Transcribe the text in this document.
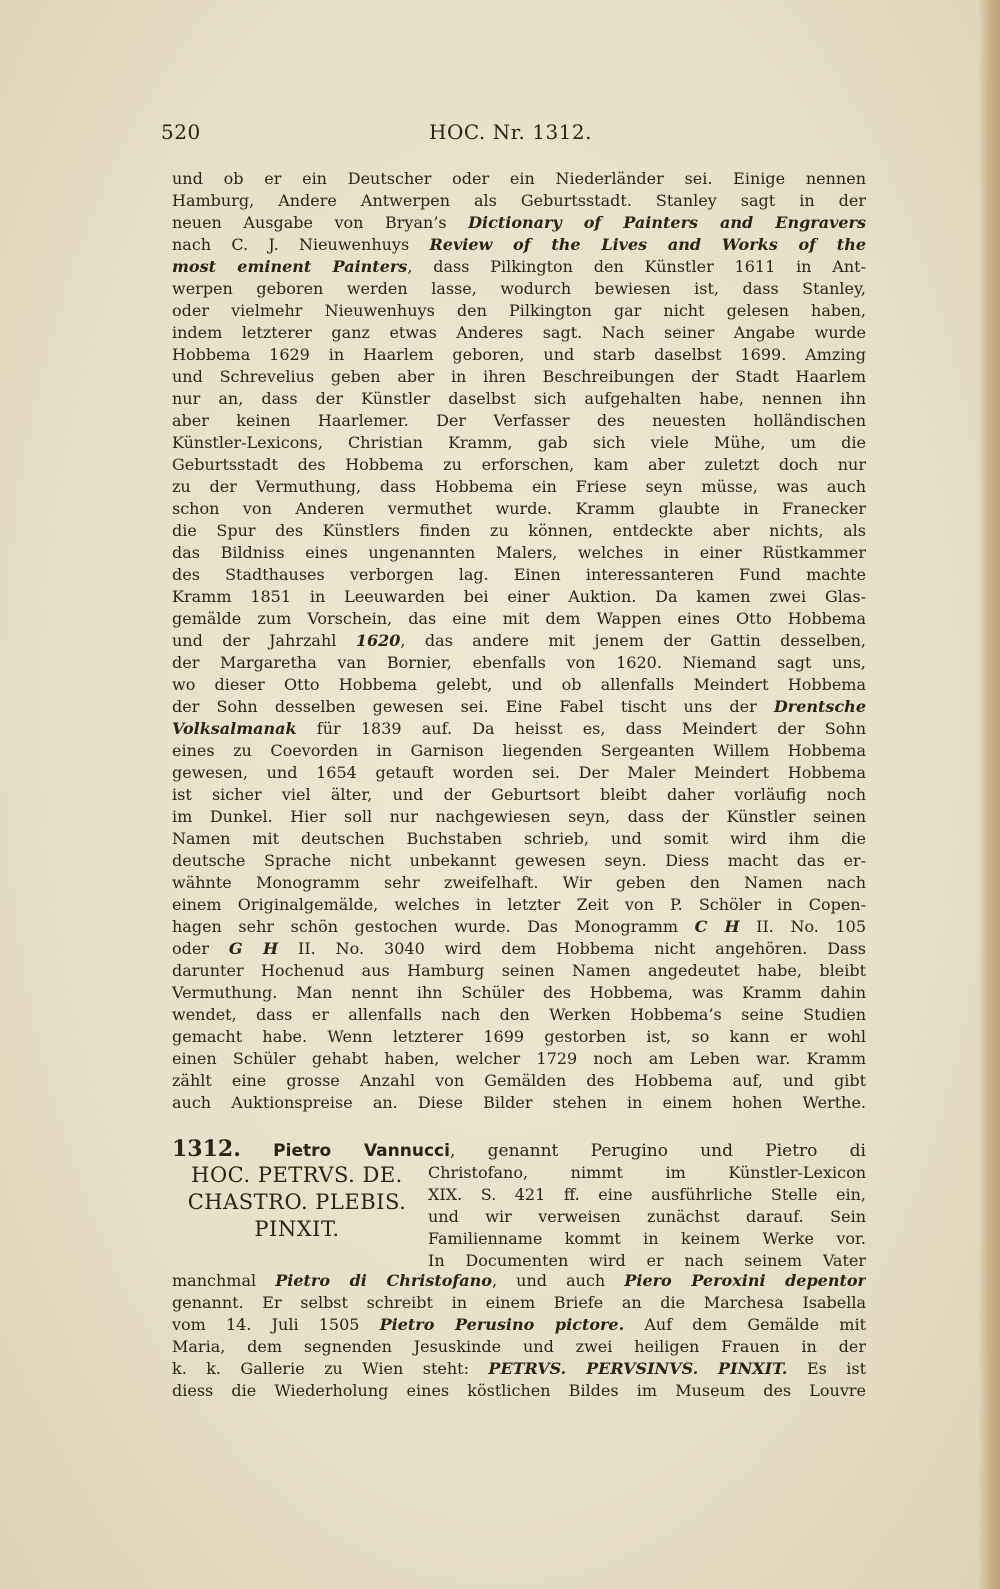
520	HOC. Nr. 1312.
und ob er ein Deutscher oder ein Niederländer sei. Einige nennen
Hamburg, Andere Antwerpen als Geburtsstadt. Stanley sagt in der
neuen Ausgabe von Bryan’s Dictionary of Painters and Engravers
nach C. J. Nieuwenhuys Review of the Lives and Works of the
most eminent Painters, dass Pilkington den Künstler 1611 in Ant-
werpen geboren werden lasse, wodurch bewiesen ist, dass Stanley,
oder vielmehr Nieuwenhuys den Pilkington gar nicht gelesen haben,
indem letzterer ganz etwas Anderes sagt. Nach seiner Angabe wurde
Hobbema 1629 in Haarlem geboren, und starb daselbst 1699. Amzing
und Schrevelius geben aber in ihren Beschreibungen der Stadt Haarlem
nur an, dass der Künstler daselbst sich aufgehalten habe, nennen ihn
aber keinen Haarlemer. Der Verfasser des neuesten holländischen
Künstler-Lexicons, Christian Kramm, gab sich viele Mühe, um die
Geburtsstadt des Hobbema zu erforschen, kam aber zuletzt doch nur
zu der Vermuthung, dass Hobbema ein Friese seyn müsse, was auch
schon von Anderen vermuthet wurde. Kramm glaubte in Franecker
die Spur des Künstlers finden zu können, entdeckte aber nichts, als
das Bildniss eines ungenannten Malers, welches in einer Rüstkammer
des Stadthauses verborgen lag. Einen interessanteren Fund machte
Kramm 1851 in Leeuwarden bei einer Auktion. Da kamen zwei Glas-
gemälde zum Vorschein, das eine mit dem Wappen eines Otto Hobbema
und der Jahrzahl 1620, das andere mit jenem der Gattin desselben,
der Margaretha van Bornier, ebenfalls von 1620. Niemand sagt uns,
wo dieser Otto Hobbema gelebt, und ob allenfalls Meindert Hobbema
der Sohn desselben gewesen sei. Eine Fabel tischt uns der Drentsche
Volksalmanak für 1839 auf. Da heisst es, dass Meindert der Sohn
eines zu Coevorden in Garnison liegenden Sergeanten Willem Hobbema
gewesen, und 1654 getauft worden sei. Der Maler Meindert Hobbema
ist sicher viel älter, und der Geburtsort bleibt daher vorläufig noch
im Dunkel. Hier soll nur nachgewiesen seyn, dass der Künstler seinen
Namen mit deutschen Buchstaben schrieb, und somit wird ihm die
deutsche Sprache nicht unbekannt gewesen seyn. Diess macht das er-
wähnte Monogramm sehr zweifelhaft. Wir geben den Namen nach
einem Originalgemälde, welches in letzter Zeit von P. Schöler in Copen-
hagen sehr schön gestochen wurde. Das Monogramm C H II. No. 105
oder G H II. No. 3040 wird dem Hobbema nicht angehören. Dass
darunter Hochenud aus Hamburg seinen Namen angedeutet habe, bleibt
Vermuthung. Man nennt ihn Schüler des Hobbema, was Kramm dahin
wendet, dass er allenfalls nach den Werken Hobbema’s seine Studien
gemacht habe. Wenn letzterer 1699 gestorben ist, so kann er wohl
einen Schüler gehabt haben, welcher 1729 noch am Leben war. Kramm
zählt eine grosse Anzahl von Gemälden des Hobbema auf, und gibt
auch Auktionspreise an. Diese Bilder stehen in einem hohen Werthe.
1312. Pietro Vannucci, genannt Perugino und Pietro di
HOC. PETRVS. DE.
CHASTRO. PLEBIS.
PINXIT.
Christofano, nimmt im Künstler-Lexicon
XIX. S. 421 ff. eine ausführliche Stelle ein,
und wir verweisen zunächst darauf. Sein
Familienname kommt in keinem Werke vor.
In Documenten wird er nach seinem Vater
manchmal Pietro di Christofano, und auch Piero Peroxini depentor
genannt. Er selbst schreibt in einem Briefe an die Marchesa Isabella
vom 14. Juli 1505 Pietro Perusino pictore. Auf dem Gemälde mit
Maria, dem segnenden Jesuskinde und zwei heiligen Frauen in der
k. k. Gallerie zu Wien steht: PETRVS. PERVSINVS. PINXIT. Es ist
diess die Wiederholung eines köstlichen Bildes im Museum des Louvre
